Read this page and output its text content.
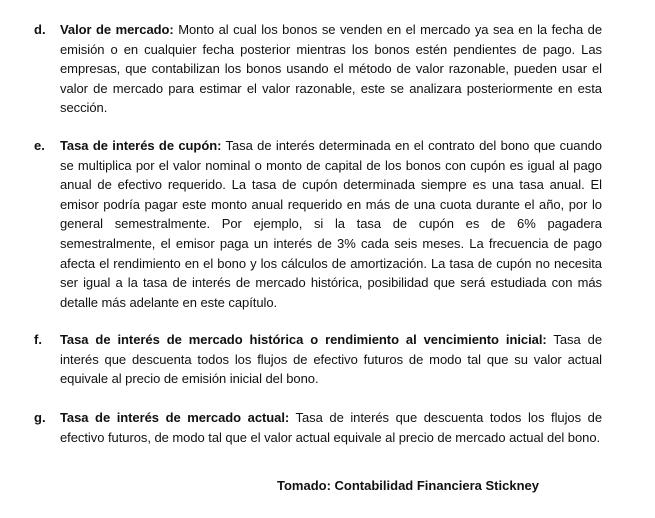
d. Valor de mercado: Monto al cual los bonos se venden en el mercado ya sea en la fecha de emisión o en cualquier fecha posterior mientras los bonos estén pendientes de pago. Las empresas, que contabilizan los bonos usando el método de valor razonable, pueden usar el valor de mercado para estimar el valor razonable, este se analizara posteriormente en esta sección.
e. Tasa de interés de cupón: Tasa de interés determinada en el contrato del bono que cuando se multiplica por el valor nominal o monto de capital de los bonos con cupón es igual al pago anual de efectivo requerido. La tasa de cupón determinada siempre es una tasa anual. El emisor podría pagar este monto anual requerido en más de una cuota durante el año, por lo general semestralmente. Por ejemplo, si la tasa de cupón es de 6% pagadera semestralmente, el emisor paga un interés de 3% cada seis meses. La frecuencia de pago afecta el rendimiento en el bono y los cálculos de amortización. La tasa de cupón no necesita ser igual a la tasa de interés de mercado histórica, posibilidad que será estudiada con más detalle más adelante en este capítulo.
f. Tasa de interés de mercado histórica o rendimiento al vencimiento inicial: Tasa de interés que descuenta todos los flujos de efectivo futuros de modo tal que su valor actual equivale al precio de emisión inicial del bono.
g. Tasa de interés de mercado actual: Tasa de interés que descuenta todos los flujos de efectivo futuros, de modo tal que el valor actual equivale al precio de mercado actual del bono.
Tomado: Contabilidad Financiera Stickney
